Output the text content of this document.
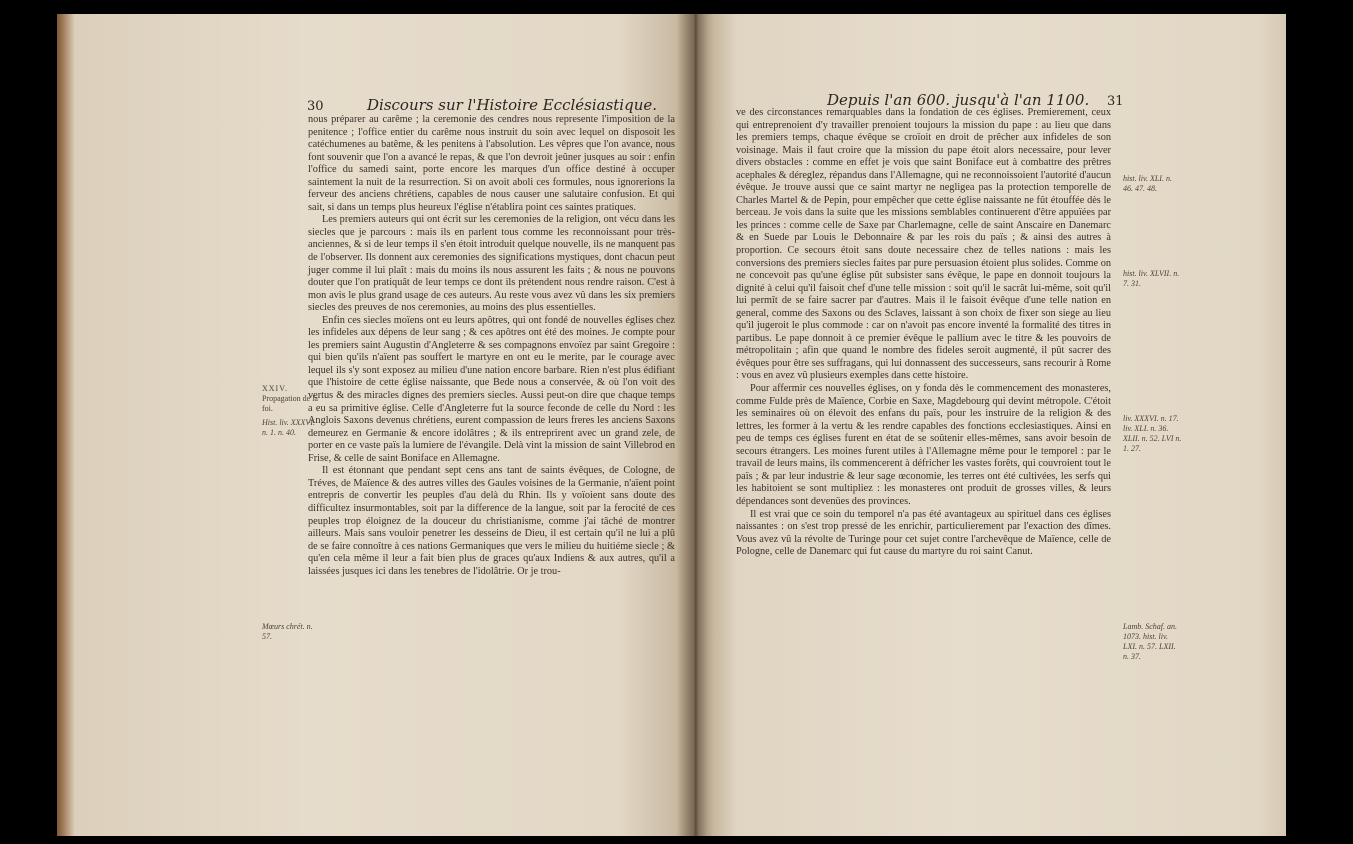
30	Discours sur l'Histoire Ecclésiastique.

nous préparer au carême ; la ceremonie des cendres nous represente l'imposition de la penitence ; l'office entier du carême nous instruit du soin avec lequel on disposoit les catéchumenes au batême, & les penitens à l'absolution. Les vêpres que l'on avance, nous font souvenir que l'on a avancé le repas, & que l'on devroit jeûner jusques au soir : enfin l'office du samedi saint, porte encore les marques d'un office destiné à occuper saintement la nuit de la resurrection. Si on avoit aboli ces formules, nous ignorerions la ferveur des anciens chrétiens, capables de nous causer une salutaire confusion. Et qui sait, si dans un temps plus heureux l'église n'établira point ces saintes pratiques.

Les premiers auteurs qui ont écrit sur les ceremonies de la religion, ont vécu dans les siecles que je parcours : mais ils en parlent tous comme les reconnoissant pour très-anciennes, & si de leur temps il s'en étoit introduit quelque nouvelle, ils ne manquent pas de l'observer. Ils donnent aux ceremonies des significations mystiques, dont chacun peut juger comme il lui plaît : mais du moins ils nous assurent les faits ; & nous ne pouvons douter que l'on pratiquât de leur temps ce dont ils prétendent nous rendre raison. C'est à mon avis le plus grand usage de ces auteurs. Au reste vous avez vû dans les six premiers siecles des preuves de nos ceremonies, au moins des plus essentielles.

Enfin ces siecles moïens ont eu leurs apôtres, qui ont fondé de nouvelles églises chez les infideles aux dépens de leur sang ; & ces apôtres ont été des moines. Je compte pour les premiers saint Augustin d'Angleterre & ses compagnons envoïez par saint Gregoire : qui bien qu'ils n'aïent pas souffert le martyre en ont eu le merite, par le courage avec lequel ils s'y sont exposez au milieu d'une nation encore barbare. Rien n'est plus édifiant que l'histoire de cette église naissante, que Bede nous a conservée, & où l'on voit des vertus & des miracles dignes des premiers siecles. Aussi peut-on dire que chaque temps a eu sa primitive église. Celle d'Angleterre fut la source feconde de celle du Nord : les Anglois Saxons devenus chrétiens, eurent compassion de leurs freres les anciens Saxons demeurez en Germanie & encore idolâtres ; & ils entreprirent avec un grand zele, de porter en ce vaste païs la lumiere de l'évangile. Delà vint la mission de saint Villebrod en Frise, & celle de saint Boniface en Allemagne.

Il est étonnant que pendant sept cens ans tant de saints évêques, de Cologne, de Tréves, de Maïence & des autres villes des Gaules voisines de la Germanie, n'aïent point entrepris de convertir les peuples d'au delà du Rhin. Ils y voïoient sans doute des difficultez insurmontables, soit par la difference de la langue, soit par la ferocité de ces peuples trop éloignez de la douceur du christianisme, comme j'ai tâché de montrer ailleurs. Mais sans vouloir penetrer les desseins de Dieu, il est certain qu'il ne lui a plû de se faire connoître à ces nations Germaniques que vers le milieu du huitiéme siecle ; & qu'en cela même il leur a fait bien plus de graces qu'aux Indiens & aux autres, qu'il a laissées jusques ici dans les tenebres de l'idolâtrie. Or je trou-

XXIV.
Propagation de la foi.
Hist. liv. XXXVI. n. 1. n. 40.
Mœurs chrét. n. 57.
Depuis l'an 600. jusqu'à l'an 1100. 31

ve des circonstances remarquables dans la fondation de ces églises. Premierement, ceux qui entreprenoient d'y travailler prenoient toujours la mission du pape : au lieu que dans les premiers temps, chaque évêque se croïoit en droit de prêcher aux infideles de son voisinage. Mais il faut croire que la mission du pape étoit alors necessaire, pour lever divers obstacles : comme en effet je vois que saint Boniface eut à combattre des prêtres acephales & déreglez, répandus dans l'Allemagne, qui ne reconnoissoient l'autorité d'aucun évêque. Je trouve aussi que ce saint martyr ne negligea pas la protection temporelle de Charles Martel & de Pepin, pour empêcher que cette église naissante ne fût étouffée dès le berceau. Je vois dans la suite que les missions semblables continuerent d'être appuïées par les princes : comme celle de Saxe par Charlemagne, celle de saint Anscaire en Danemarc & en Suede par Louis le Debonnaire & par les rois du païs ; & ainsi des autres à proportion. Ce secours étoit sans doute necessaire chez de telles nations : mais les conversions des premiers siecles faites par pure persuasion étoient plus solides. Comme on ne concevoit pas qu'une église pût subsister sans évêque, le pape en donnoit toujours la dignité à celui qu'il faisoit chef d'une telle mission : soit qu'il le sacrât lui-même, soit qu'il lui permît de se faire sacrer par d'autres. Mais il le faisoit évêque d'une telle nation en general, comme des Saxons ou des Sclaves, laissant à son choix de fixer son siege au lieu qu'il jugeroit le plus commode : car on n'avoit pas encore inventé la formalité des titres in partibus. Le pape donnoit à ce premier évêque le pallium avec le titre & les pouvoirs de métropolitain ; afin que quand le nombre des fideles seroit augmenté, il pût sacrer des évêques pour être ses suffragans, qui lui donnassent des successeurs, sans recourir à Rome : vous en avez vû plusieurs exemples dans cette histoire.

Pour affermir ces nouvelles églises, on y fonda dès le commencement des monasteres, comme Fulde près de Maïence, Corbie en Saxe, Magdebourg qui devint métropole. C'étoit les seminaires où on élevoit des enfans du païs, pour les instruire de la religion & des lettres, les former à la vertu & les rendre capables des fonctions ecclesiastiques. Ainsi en peu de temps ces églises furent en état de se soûtenir elles-mêmes, sans avoir besoin de secours étrangers. Les moines furent utiles à l'Allemagne même pour le temporel : par le travail de leurs mains, ils commencerent à défricher les vastes forêts, qui couvroient tout le païs ; & par leur industrie & leur sage œconomie, les terres ont été cultivées, les serfs qui les habitoient se sont multipliez : les monasteres ont produit de grosses villes, & leurs dépendances sont devenües des provinces.

Il est vrai que ce soin du temporel n'a pas été avantageux au spirituel dans ces églises naissantes : on s'est trop pressé de les enrichir, particulierement par l'exaction des dîmes. Vous avez vû la révolte de Turinge pour cet sujet contre l'archevêque de Maïence, celle de Pologne, celle de Danemarc qui fut cause du martyre du roi saint Canut.

hist. liv. XLI. n. 46. 47. 48.
hist. liv. XLVII. n. 7. 31.
liv. XXXVI. n. 17. liv. XLI. n. 36. XLII. n. 52. LVI n. 1. 27.
Lamb. Schaf. an. 1073. hist. liv. LXI. n. 57. LXII. n. 37.
